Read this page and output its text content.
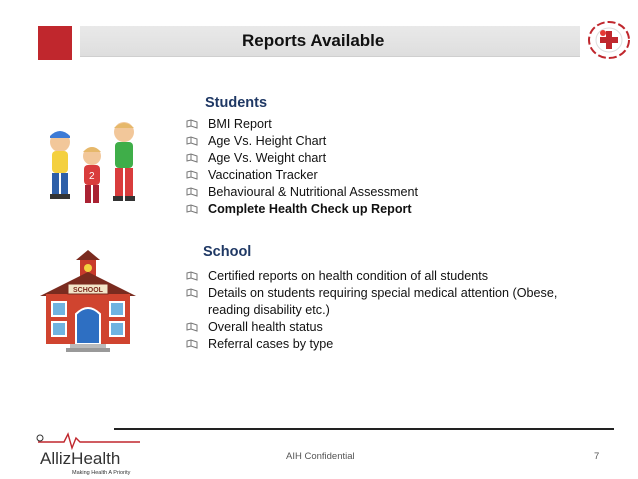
Reports Available
2
Students
BMI Report
Age Vs. Height Chart
Age Vs. Weight chart
Vaccination Tracker
Behavioural & Nutritional Assessment
Complete Health Check up Report
SCHOOL
School
Certified reports on health condition of all students
Details on students requiring special medical attention (Obese, reading disability etc.)
Overall health status
Referral cases by type
AllizHealth
Making Health A Priority
AIH Confidential	7
